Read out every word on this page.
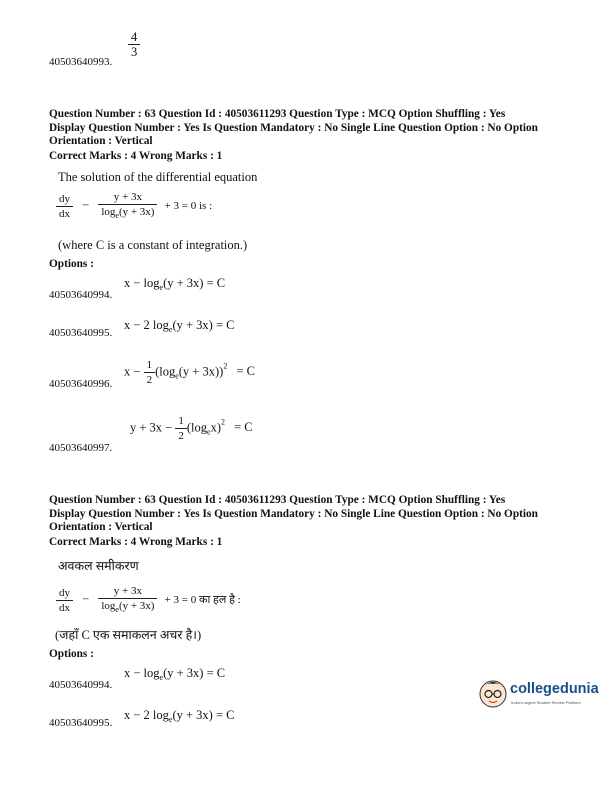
$\frac{4}{3}$
40503640993.
Question Number : 63 Question Id : 40503611293 Question Type : MCQ Option Shuffling : Yes
Display Question Number : Yes Is Question Mandatory : No Single Line Question Option : No Option
Orientation : Vertical
Correct Marks : 4 Wrong Marks : 1
The solution of the differential equation
$\frac{dy}{dx} - \frac{y + 3x}{\log_e(y + 3x)} + 3 = 0$ is :
(where C is a constant of integration.)
Options :
$x - \log_e(y + 3x) = C$
40503640994.
x − 2 $\log_e(y + 3x) = C$
40503640995.
$x - \frac{1}{2} (\log_e(y + 3x))^2 = C$
40503640996.
$y + 3x - \frac{1}{2} (\log_ex)^2 = C$
40503640997.
Question Number : 63 Question Id : 40503611293 Question Type : MCQ Option Shuffling : Yes
Display Question Number : Yes Is Question Mandatory : No Single Line Question Option : No Option
Orientation : Vertical
Correct Marks : 4 Wrong Marks : 1
अवकल समीकरण
$\frac{dy}{dx} - \frac{y + 3x}{\log_e(y + 3x)} + 3 = 0$ का हल है :
(जहाँ C एक समाकलन अचर है।)
Options :
$x - \log_e(y + 3x) = C$
40503640994.
x − 2 $\log_e(y + 3x) = C$
40503640995.
collegedunia
India's largest Student Review Platform
